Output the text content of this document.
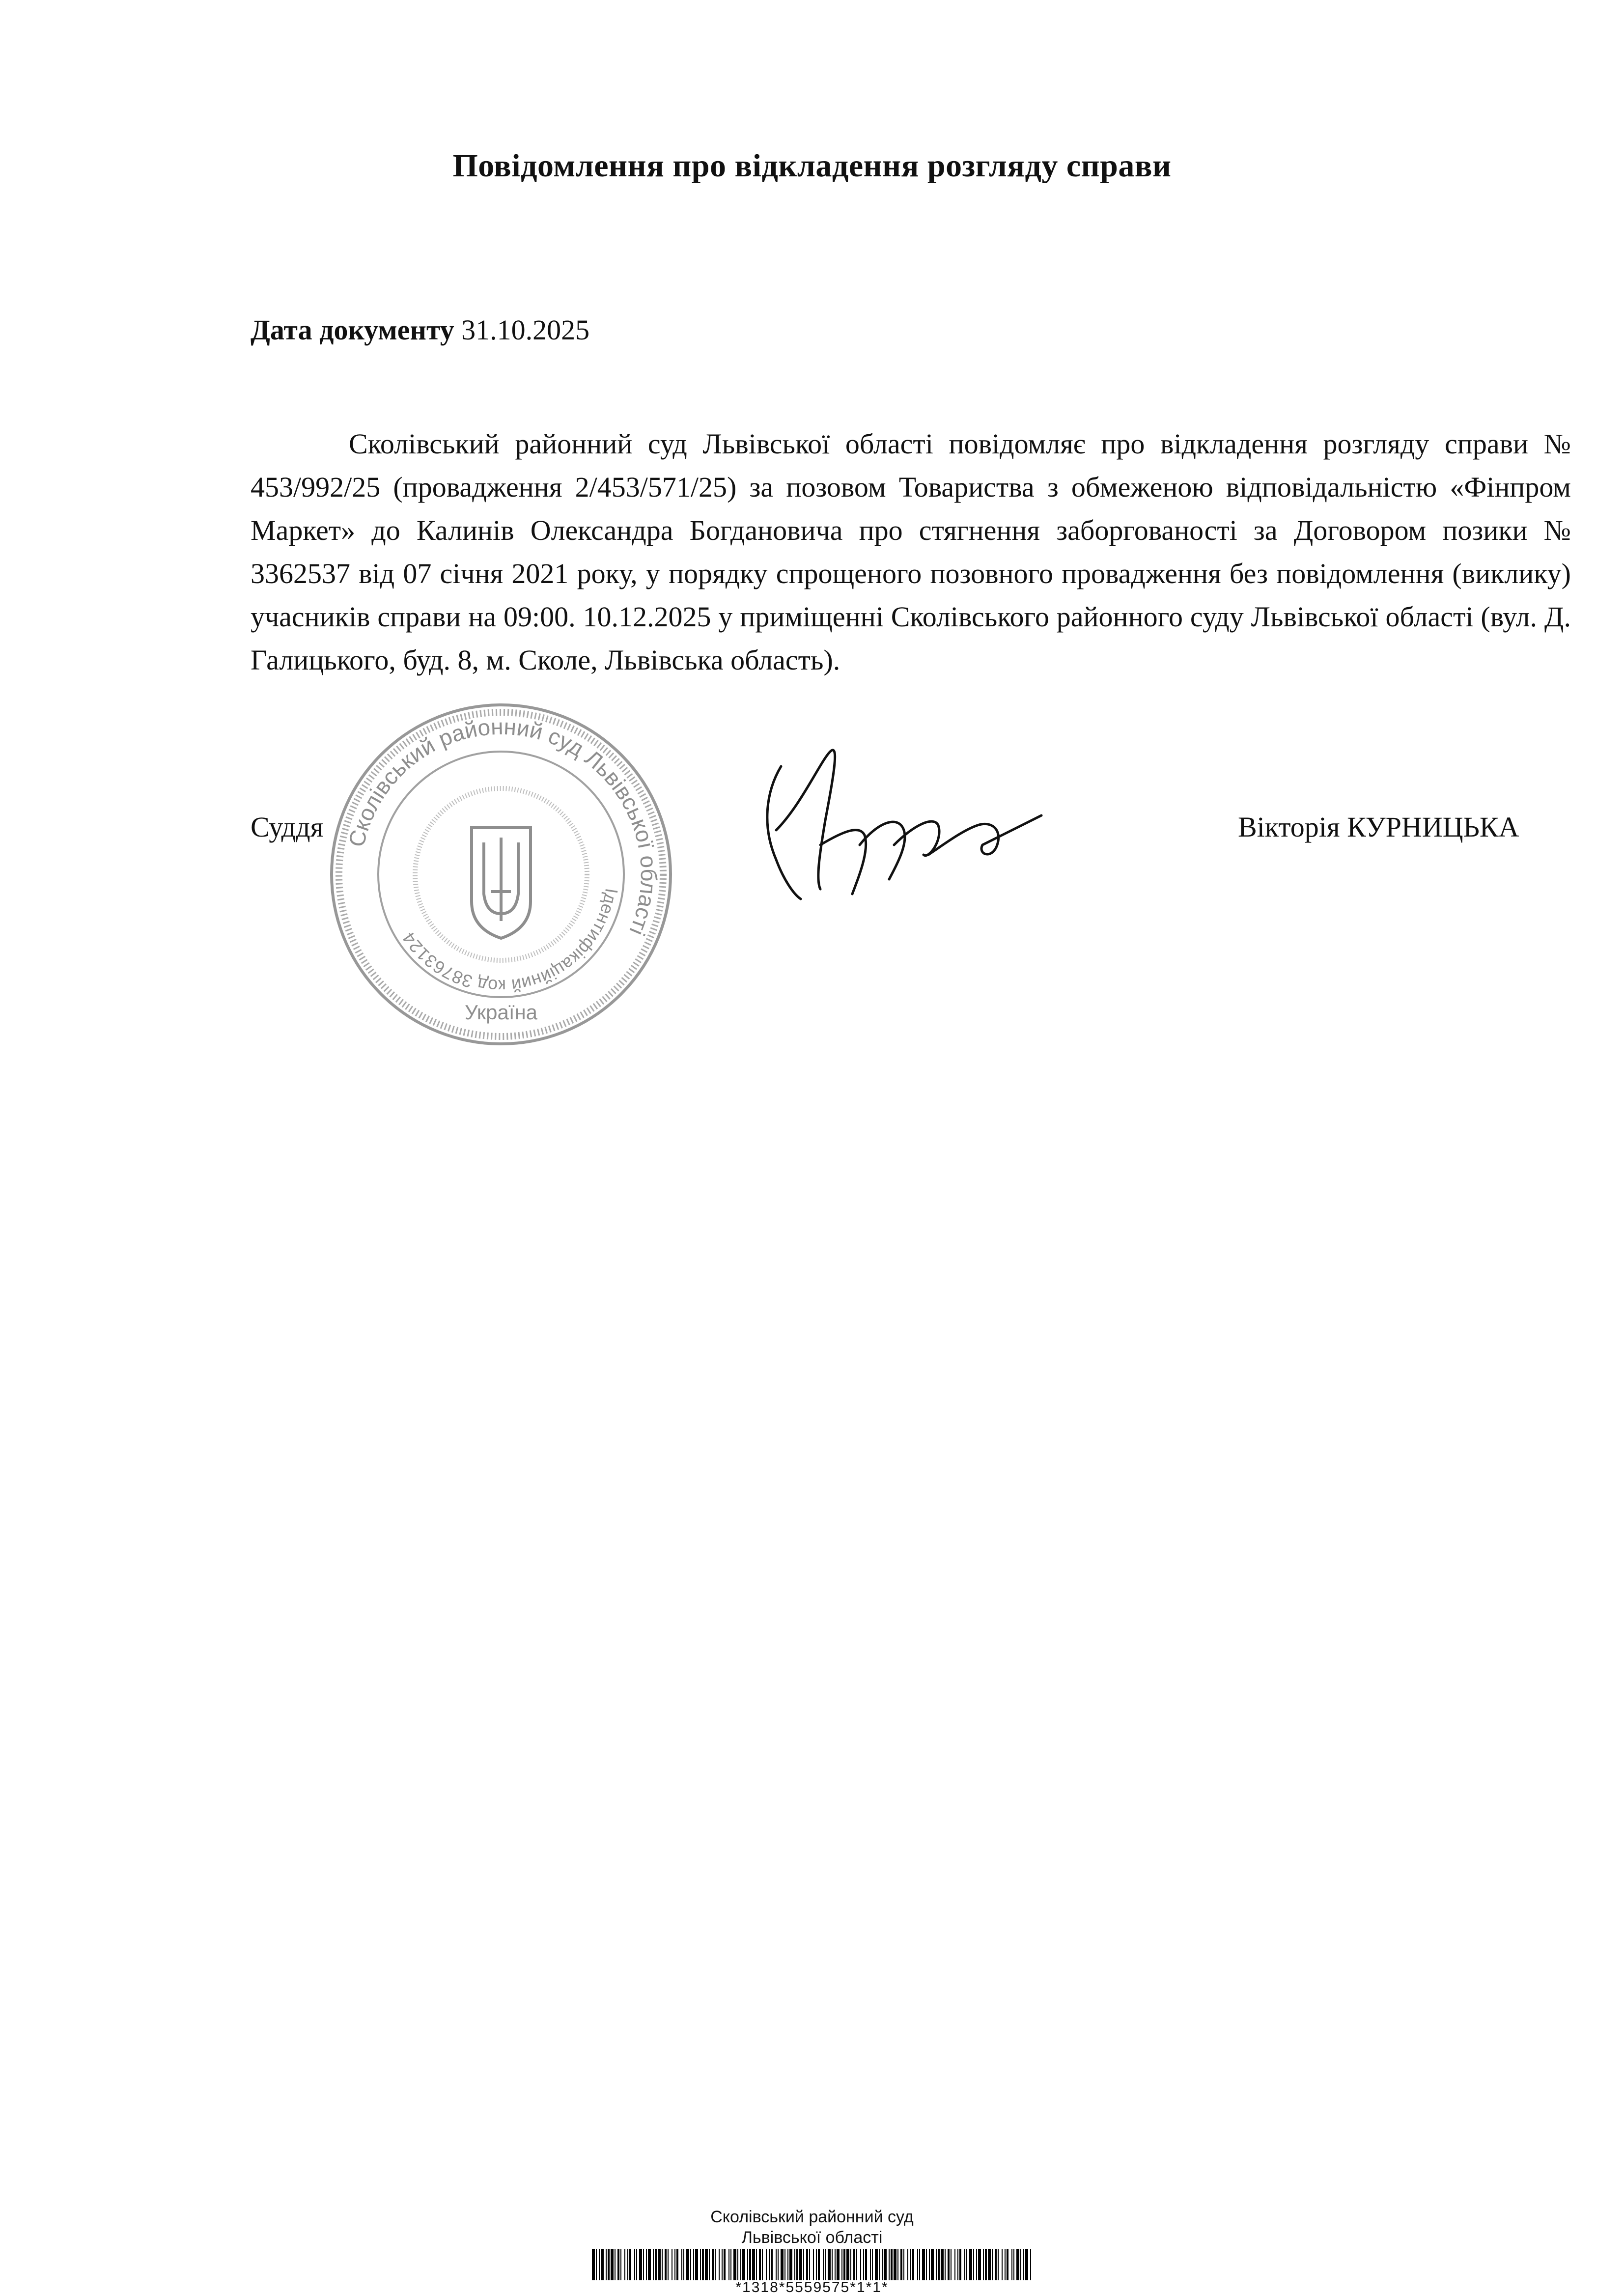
Повідомлення про відкладення розгляду справи
Дата документу 31.10.2025
Сколівський районний суд Львівської області повідомляє про відкладення розгляду справи № 453/992/25 (провадження 2/453/571/25) за позовом Товариства з обмеженою відповідальністю «Фінпром Маркет» до Калинів Олександра Богдановича про стягнення заборгованості за Договором позики № 3362537 від 07 січня 2021 року, у порядку спрощеного позовного провадження без повідомлення (виклику) учасників справи на 09:00. 10.12.2025 у приміщенні Сколівського районного суду Львівської області (вул. Д. Галицького, буд. 8, м. Сколе, Львівська область).
Сколівський районний суд Львівської області
Ідентифікаційний код 38763124
Україна
Суддя	Вікторія КУРНИЦЬКА
Сколівський районний суд
Львівської області
*1318*5559575*1*1*
